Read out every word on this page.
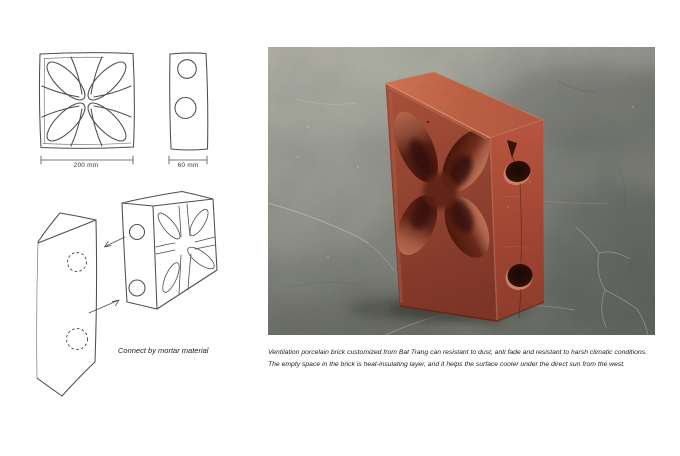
200 mm	60 mm
Connect by mortar material	Ventilation porcelain brick customized from Bat Trang can resistant to dust, anti fade and resistant to harsh climatic conditions.
The empty space in the brick is heat-insulating layer, and it helps the surface cooler under the direct sun from the west.
